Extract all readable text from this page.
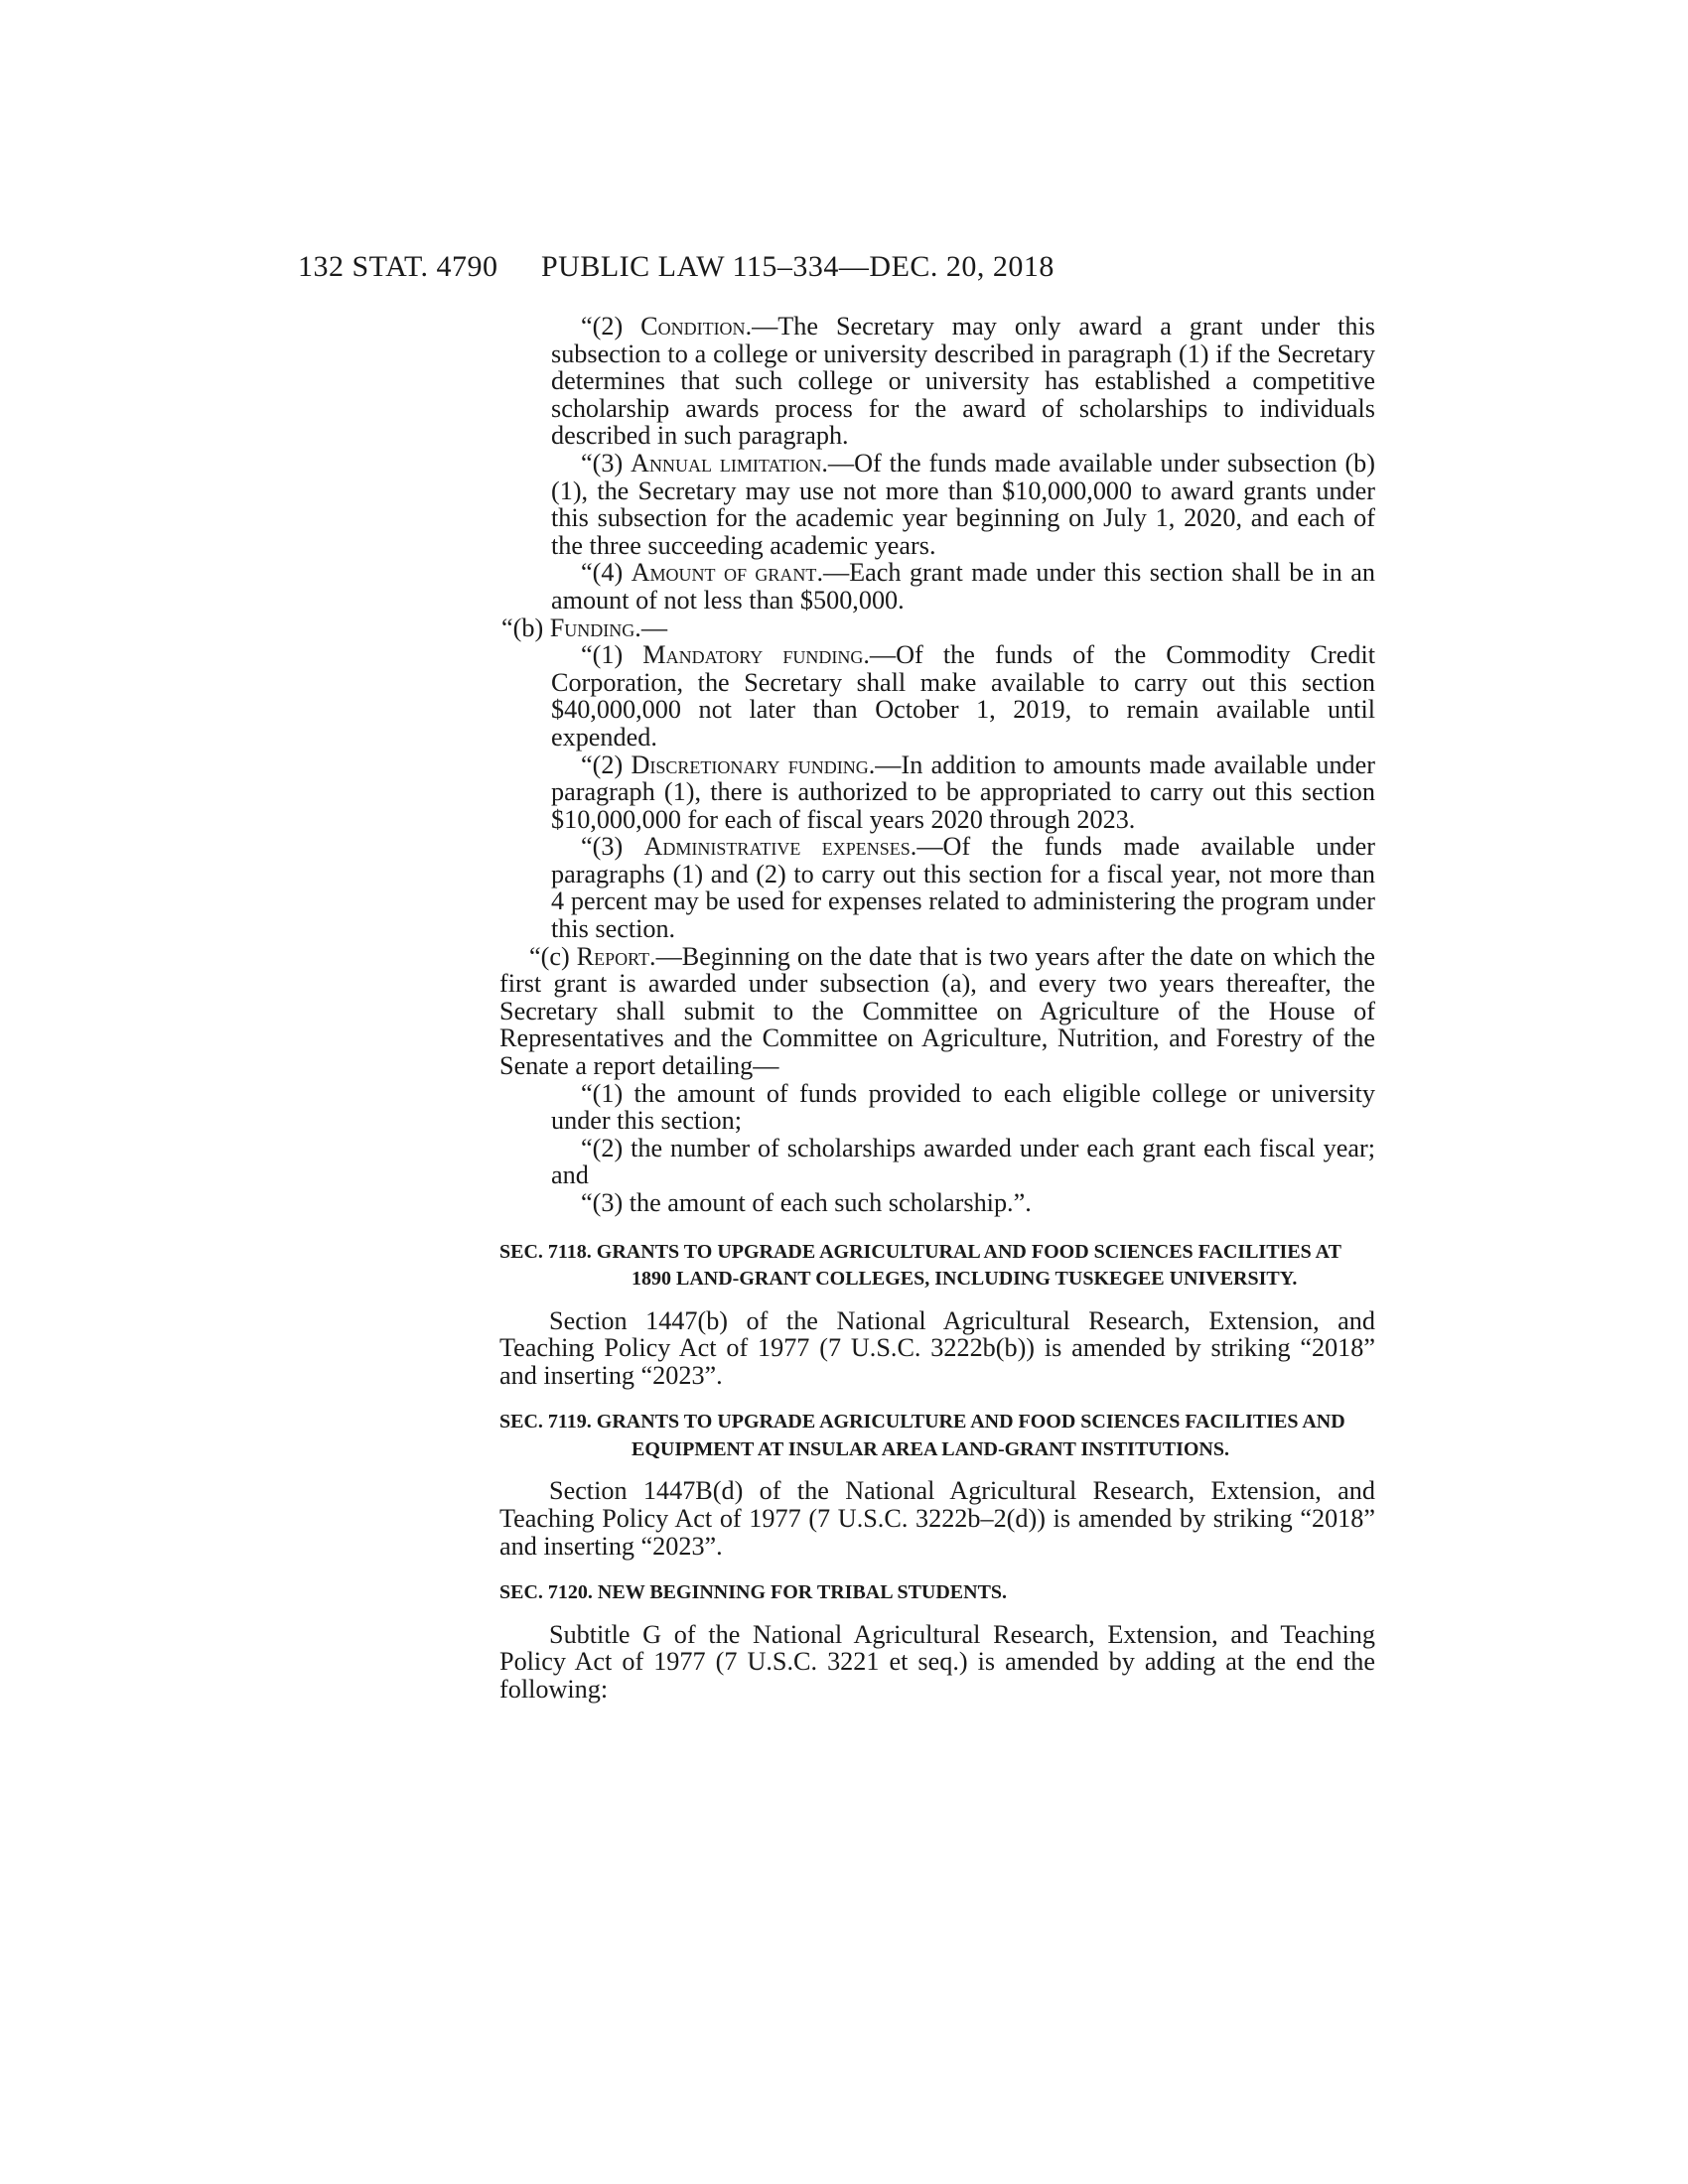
132 STAT. 4790 PUBLIC LAW 115–334—DEC. 20, 2018

“(2) Condition.—The Secretary may only award a grant under this subsection to a college or university described in paragraph (1) if the Secretary determines that such college or university has established a competitive scholarship awards process for the award of scholarships to individuals described in such paragraph.

“(3) Annual limitation.—Of the funds made available under subsection (b)(1), the Secretary may use not more than $10,000,000 to award grants under this subsection for the academic year beginning on July 1, 2020, and each of the three succeeding academic years.

“(4) Amount of grant.—Each grant made under this section shall be in an amount of not less than $500,000.

“(b) Funding.—

“(1) Mandatory funding.—Of the funds of the Commodity Credit Corporation, the Secretary shall make available to carry out this section $40,000,000 not later than October 1, 2019, to remain available until expended.

“(2) Discretionary funding.—In addition to amounts made available under paragraph (1), there is authorized to be appropriated to carry out this section $10,000,000 for each of fiscal years 2020 through 2023.

“(3) Administrative expenses.—Of the funds made available under paragraphs (1) and (2) to carry out this section for a fiscal year, not more than 4 percent may be used for expenses related to administering the program under this section.

“(c) Report.—Beginning on the date that is two years after the date on which the first grant is awarded under subsection (a), and every two years thereafter, the Secretary shall submit to the Committee on Agriculture of the House of Representatives and the Committee on Agriculture, Nutrition, and Forestry of the Senate a report detailing—

“(1) the amount of funds provided to each eligible college or university under this section;

“(2) the number of scholarships awarded under each grant each fiscal year; and

“(3) the amount of each such scholarship.”.

SEC. 7118. GRANTS TO UPGRADE AGRICULTURAL AND FOOD SCIENCES FACILITIES AT 1890 LAND-GRANT COLLEGES, INCLUDING TUSKEGEE UNIVERSITY.

Section 1447(b) of the National Agricultural Research, Extension, and Teaching Policy Act of 1977 (7 U.S.C. 3222b(b)) is amended by striking “2018” and inserting “2023”.

SEC. 7119. GRANTS TO UPGRADE AGRICULTURE AND FOOD SCIENCES FACILITIES AND EQUIPMENT AT INSULAR AREA LAND-GRANT INSTITUTIONS.

Section 1447B(d) of the National Agricultural Research, Extension, and Teaching Policy Act of 1977 (7 U.S.C. 3222b–2(d)) is amended by striking “2018” and inserting “2023”.

SEC. 7120. NEW BEGINNING FOR TRIBAL STUDENTS.

Subtitle G of the National Agricultural Research, Extension, and Teaching Policy Act of 1977 (7 U.S.C. 3221 et seq.) is amended by adding at the end the following:
